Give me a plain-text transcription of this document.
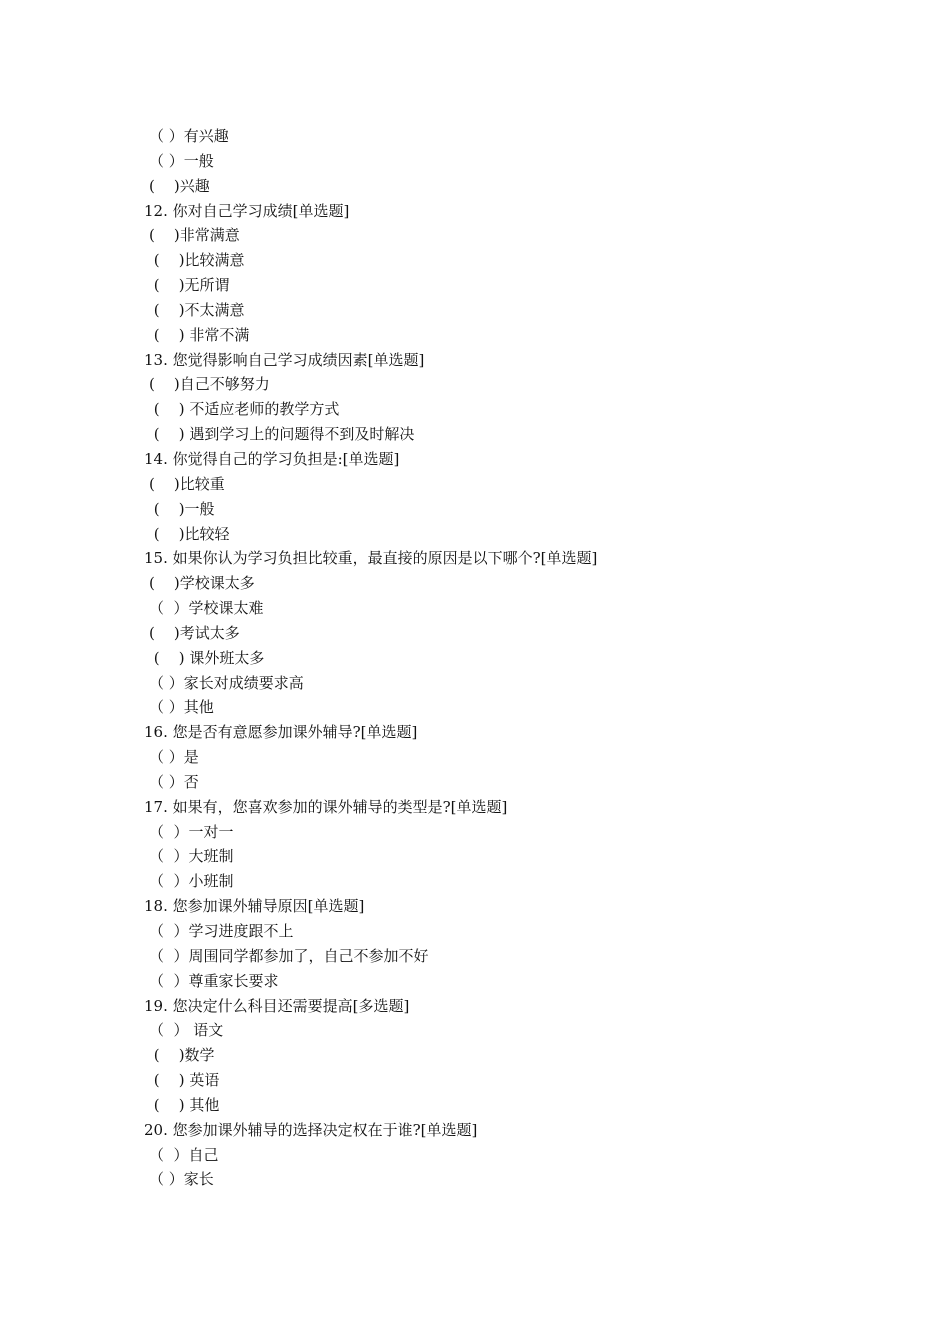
（ ）有兴趣
（ ）一般
(    )兴趣
12. 你对自己学习成绩[单选题]
(    )非常满意
(    )比较满意
(    )无所谓
(    )不太满意
(    ) 非常不满
13. 您觉得影响自己学习成绩因素[单选题]
(    )自己不够努力
(    ) 不适应老师的教学方式
(    ) 遇到学习上的问题得不到及时解决
14. 你觉得自己的学习负担是:[单选题]
(    )比较重
(    )一般
(    )比较轻
15. 如果你认为学习负担比较重，最直接的原因是以下哪个?[单选题]
(    )学校课太多
（  ）学校课太难
(    )考试太多
(    ) 课外班太多
（ ）家长对成绩要求高
（ ）其他
16. 您是否有意愿参加课外辅导?[单选题]
（ ）是
（ ）否
17. 如果有，您喜欢参加的课外辅导的类型是?[单选题]
（  ）一对一
（  ）大班制
（  ）小班制
18. 您参加课外辅导原因[单选题]
（  ）学习进度跟不上
（  ）周围同学都参加了，自己不参加不好
（  ）尊重家长要求
19. 您决定什么科目还需要提高[多选题]
（  ） 语文
(    )数学
(    ) 英语
(    ) 其他
20. 您参加课外辅导的选择决定权在于谁?[单选题]
（  ）自己
（ ）家长
